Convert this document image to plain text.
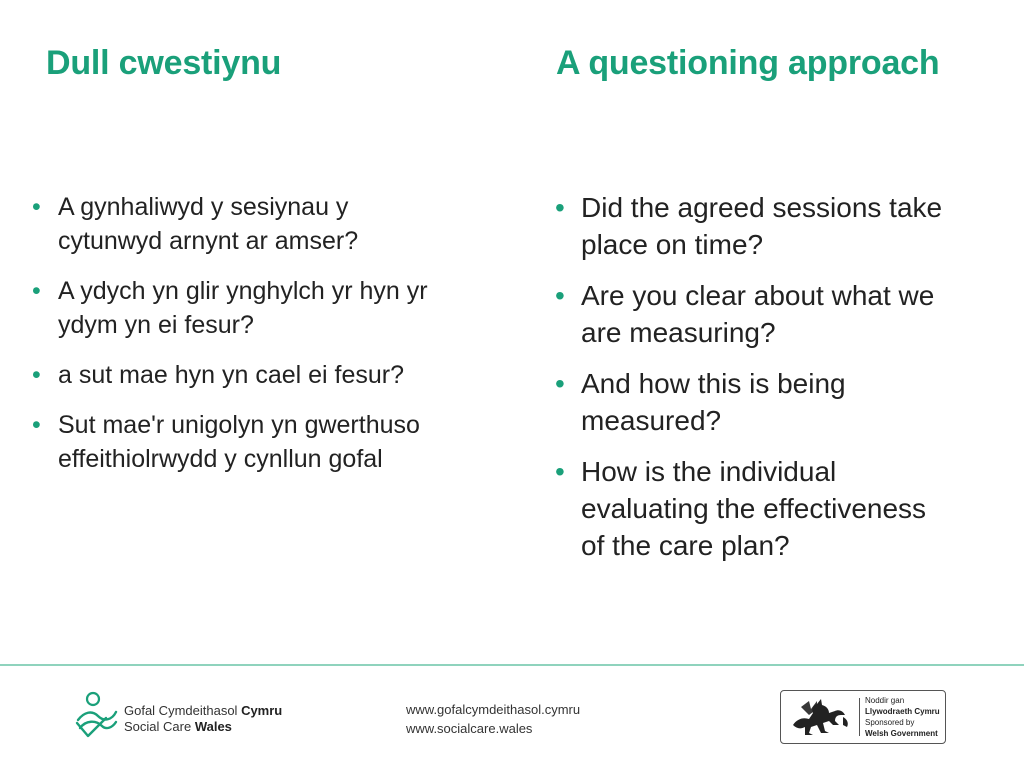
Dull cwestiynu	A questioning approach
• A gynhaliwyd y sesiynau y cytunwyd arnynt ar amser?
• A ydych yn glir ynghylch yr hyn yr ydym yn ei fesur?
• a sut mae hyn yn cael ei fesur?
• Sut mae'r unigolyn yn gwerthuso effeithiolrwydd y cynllun gofal
• Did the agreed sessions take place on time?
• Are you clear about what we are measuring?
• And how this is being measured?
• How is the individual evaluating the effectiveness of the care plan?
Gofal Cymdeithasol Cymru
Social Care Wales
www.gofalcymdeithasol.cymru
www.socialcare.wales
Noddir gan
Llywodraeth Cymru
Sponsored by
Welsh Government
